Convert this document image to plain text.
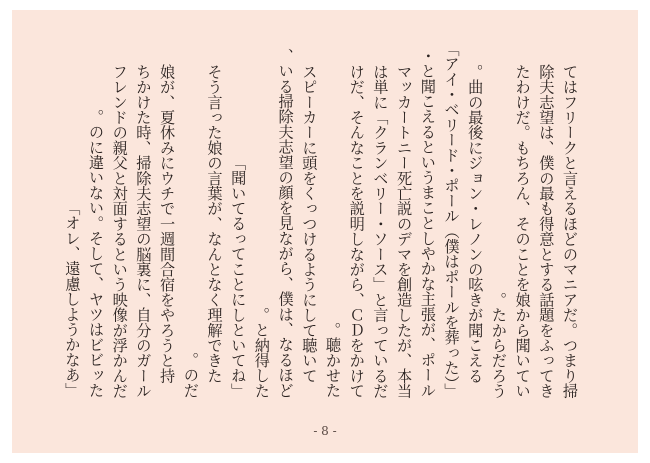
てはフリークと言えるほどのマニアだ。つまり掃
除夫志望は、僕の最も得意とする話題をふってき
たわけだ。もちろん、そのことを娘から聞いてい
たからだろう。
　曲の最後にジョン・レノンの呟きが聞こえる。
「アイ・ベリード・ポール（僕はポールを葬った）」
と聞こえるというまことしやかな主張が、ポール・
マッカートニー死亡説のデマを創造したが、本当
は単に「クランベリー・ソース」と言っているだ
けだ、そんなことを説明しながら、ＣＤをかけて
聴かせた。
　スピーカーに頭をくっつけるようにして聴いて
いる掃除夫志望の顔を見ながら、僕は、なるほど、
と納得した。
「聞いてるってことにしといてね」
　そう言った娘の言葉が、なんとなく理解できた
のだ。
　娘が、夏休みにウチで一週間合宿をやろうと持
ちかけた時、掃除夫志望の脳裏に、自分のガール
フレンドの親父と対面するという映像が浮かんだ
のに違いない。そして、ヤツはビビッた。
「オレ、遠慮しようかなあ」
- 8 -
